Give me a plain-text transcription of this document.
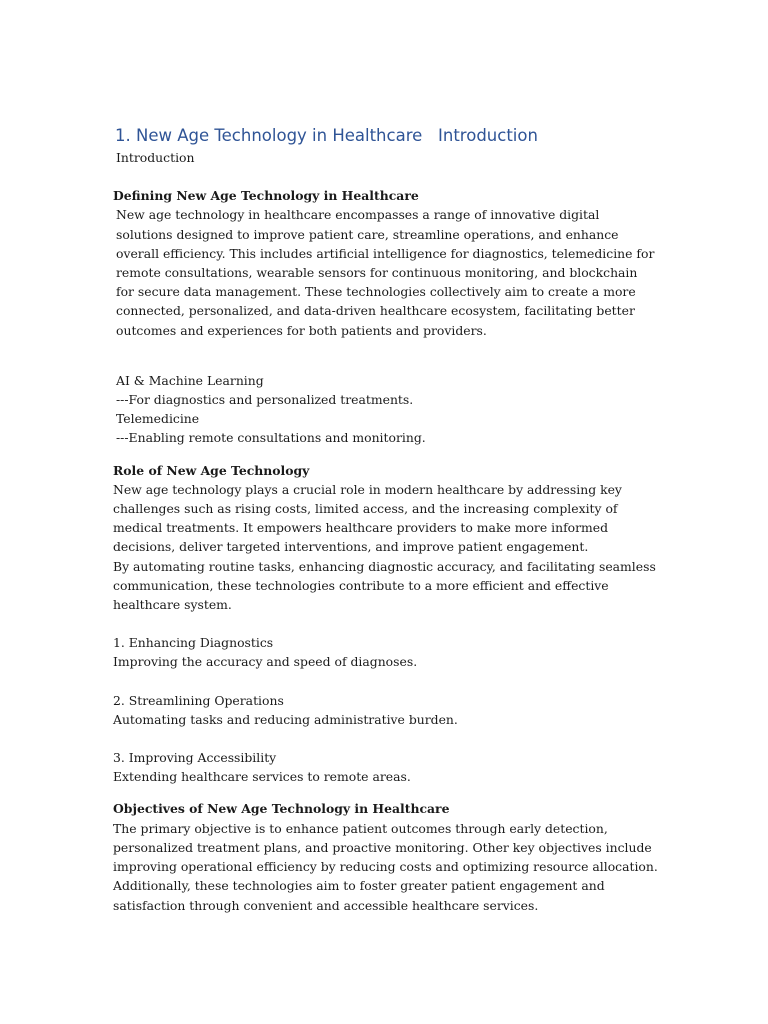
1. New Age Technology in Healthcare   Introduction

Introduction

Defining New Age Technology in Healthcare

New age technology in healthcare encompasses a range of innovative digital solutions designed to improve patient care, streamline operations, and enhance overall efficiency. This includes artificial intelligence for diagnostics, telemedicine for remote consultations, wearable sensors for continuous monitoring, and blockchain for secure data management. These technologies collectively aim to create a more connected, personalized, and data-driven healthcare ecosystem, facilitating better outcomes and experiences for both patients and providers.

AI & Machine Learning

---For diagnostics and personalized treatments.

Telemedicine

---Enabling remote consultations and monitoring.

Role of New Age Technology

New age technology plays a crucial role in modern healthcare by addressing key challenges such as rising costs, limited access, and the increasing complexity of medical treatments. It empowers healthcare providers to make more informed decisions, deliver targeted interventions, and improve patient engagement.

By automating routine tasks, enhancing diagnostic accuracy, and facilitating seamless communication, these technologies contribute to a more efficient and effective healthcare system.

1. Enhancing Diagnostics

Improving the accuracy and speed of diagnoses.

2. Streamlining Operations

Automating tasks and reducing administrative burden.

3. Improving Accessibility

Extending healthcare services to remote areas.

Objectives of New Age Technology in Healthcare

The primary objective is to enhance patient outcomes through early detection, personalized treatment plans, and proactive monitoring. Other key objectives include improving operational efficiency by reducing costs and optimizing resource allocation. Additionally, these technologies aim to foster greater patient engagement and satisfaction through convenient and accessible healthcare services.
